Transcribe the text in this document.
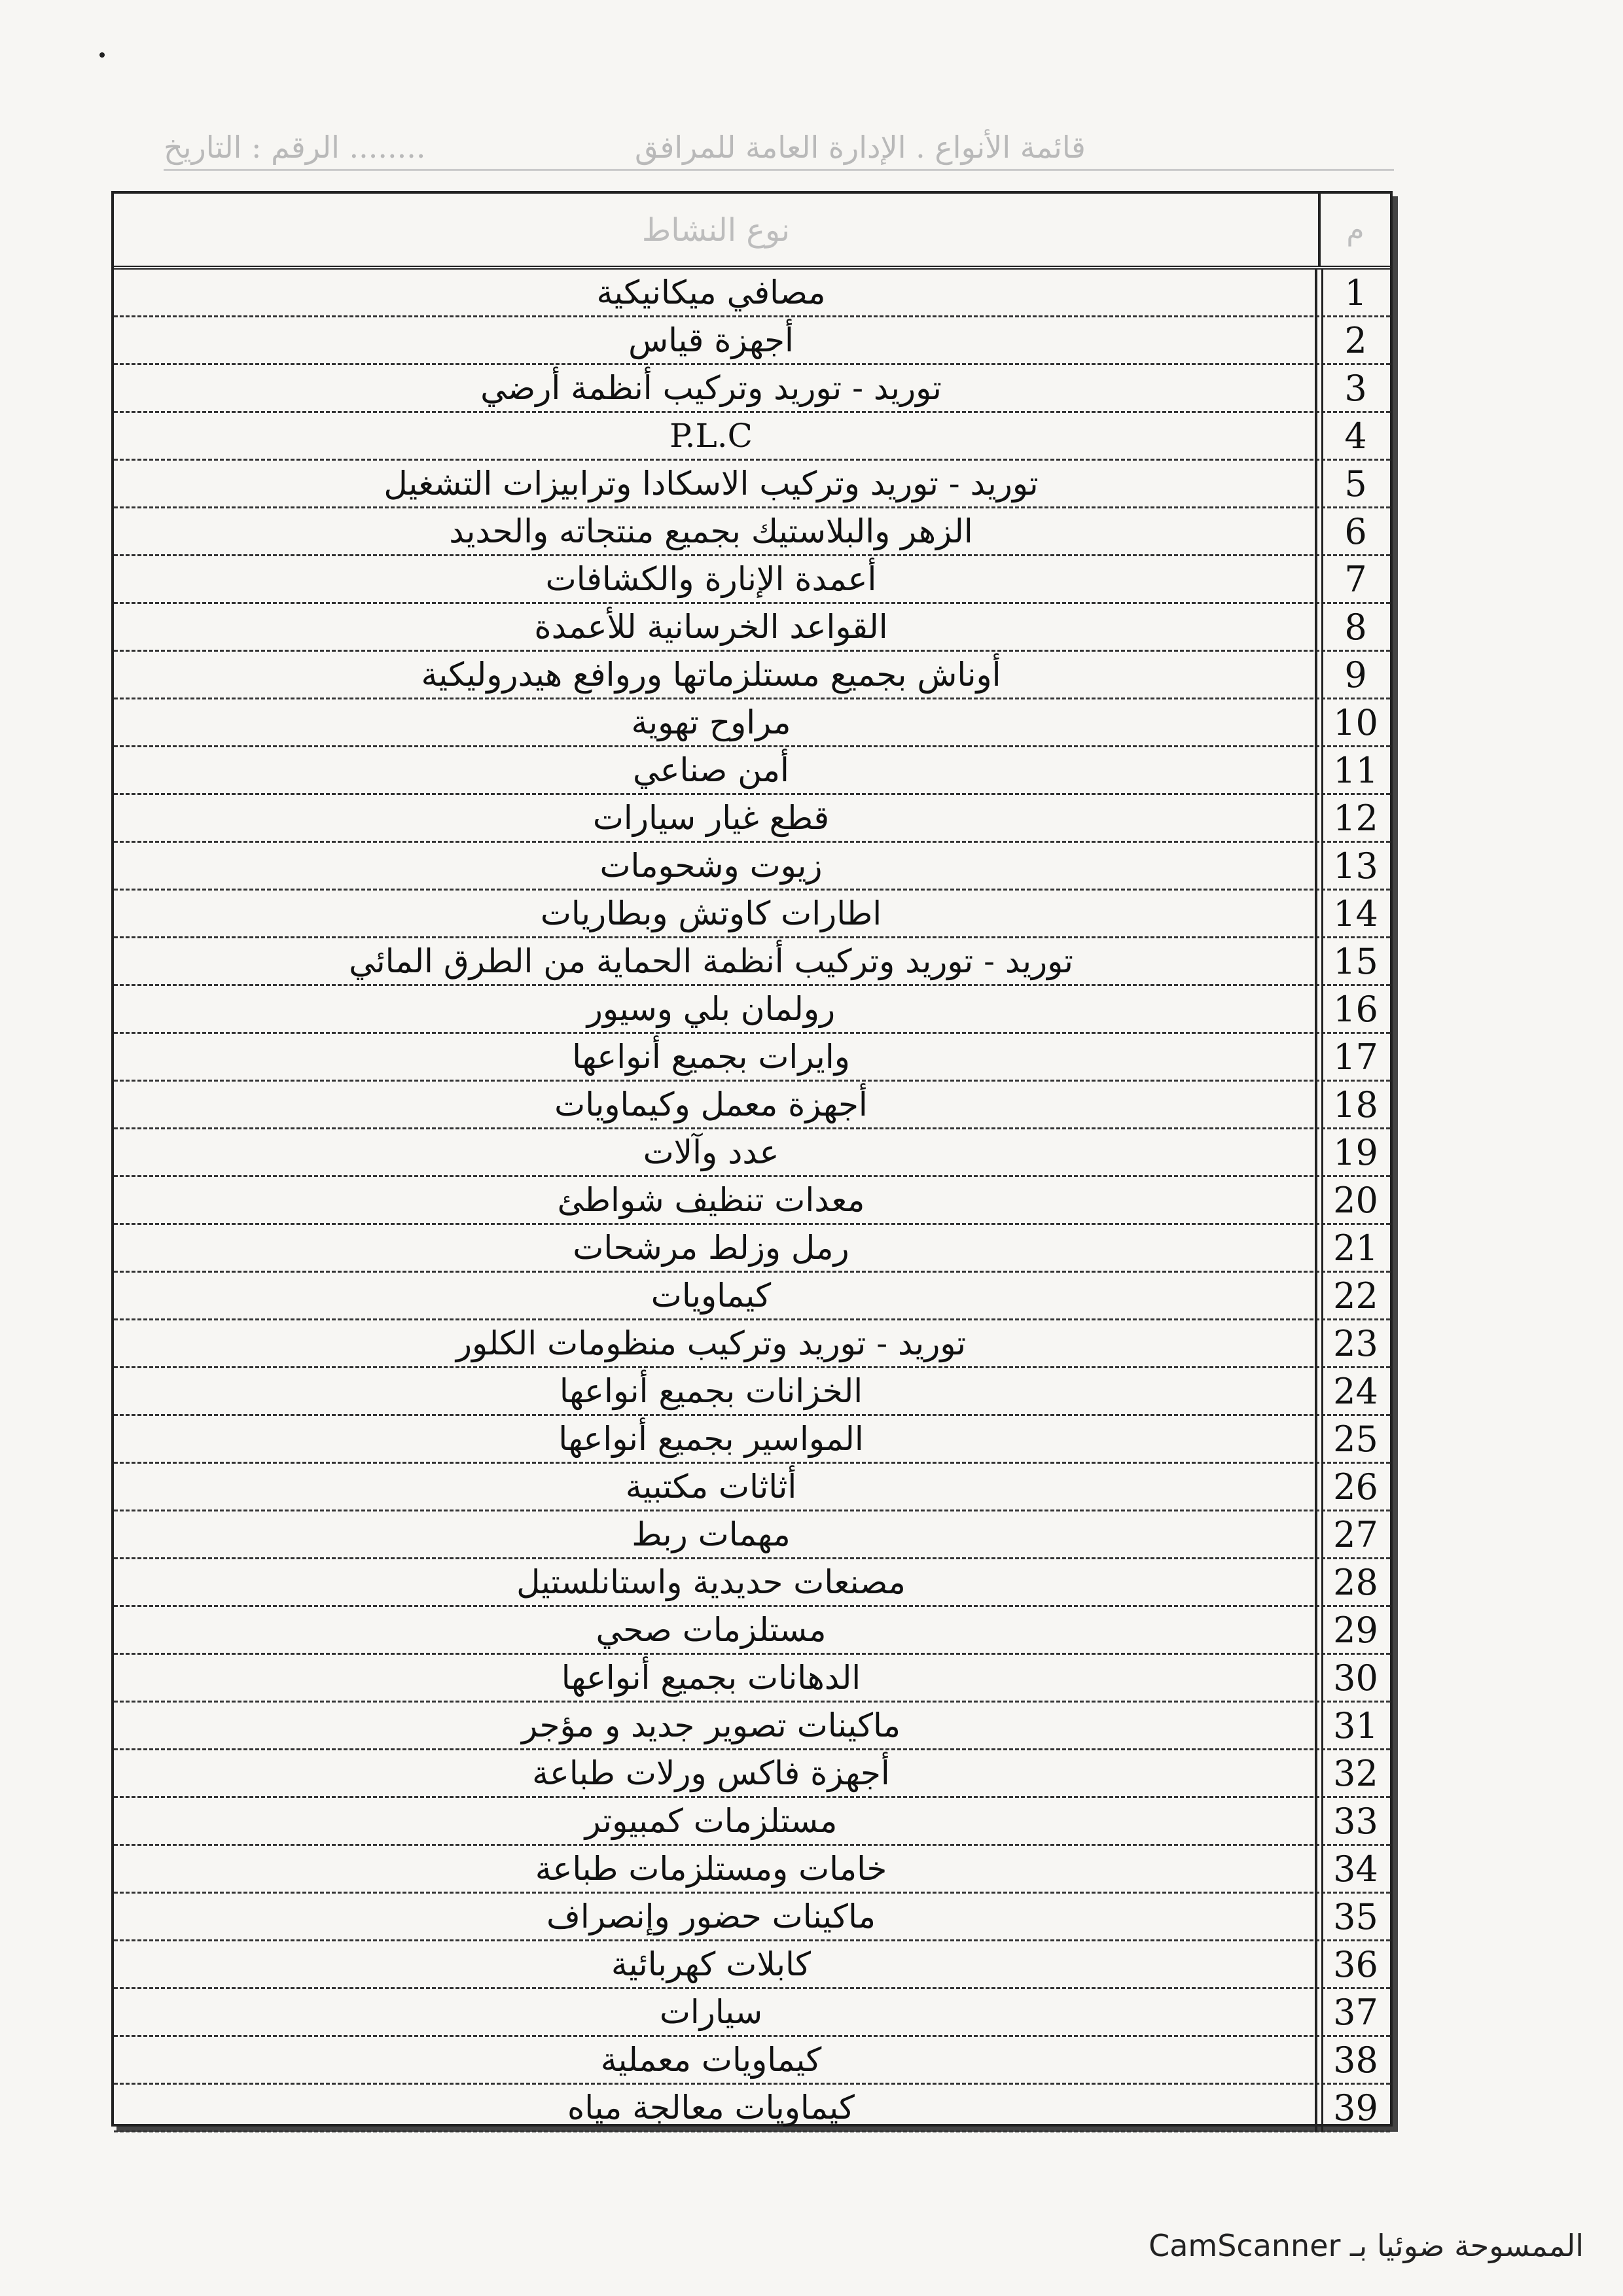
الرقم : التاريخ ........	قائمة الأنواع . الإدارة العامة للمرافق
نوع النشاط	م
مصافي ميكانيكية	1
أجهزة قياس	2
توريد - توريد وتركيب أنظمة أرضي	3
P.L.C	4
توريد - توريد وتركيب الاسكادا وترابيزات التشغيل	5
الزهر والبلاستيك بجميع منتجاته والحديد	6
أعمدة الإنارة والكشافات	7
القواعد الخرسانية للأعمدة	8
أوناش بجميع مستلزماتها وروافع هيدروليكية	9
مراوح تهوية	10
أمن صناعي	11
قطع غيار سيارات	12
زيوت وشحومات	13
اطارات كاوتش وبطاريات	14
توريد - توريد وتركيب أنظمة الحماية من الطرق المائي	15
رولمان بلي وسيور	16
وايرات بجميع أنواعها	17
أجهزة معمل وكيماويات	18
عدد وآلات	19
معدات تنظيف شواطئ	20
رمل وزلط مرشحات	21
كيماويات	22
توريد - توريد وتركيب منظومات الكلور	23
الخزانات بجميع أنواعها	24
المواسير بجميع أنواعها	25
أثاثات مكتبية	26
مهمات ربط	27
مصنعات حديدية واستانلستيل	28
مستلزمات صحي	29
الدهانات بجميع أنواعها	30
ماكينات تصوير جديد و مؤجر	31
أجهزة فاكس ورلات طباعة	32
مستلزمات كمبيوتر	33
خامات ومستلزمات طباعة	34
ماكينات حضور وإنصراف	35
كابلات كهربائية	36
سيارات	37
كيماويات معملية	38
كيماويات معالجة مياه	39
الممسوحة ضوئيا بـ CamScanner
